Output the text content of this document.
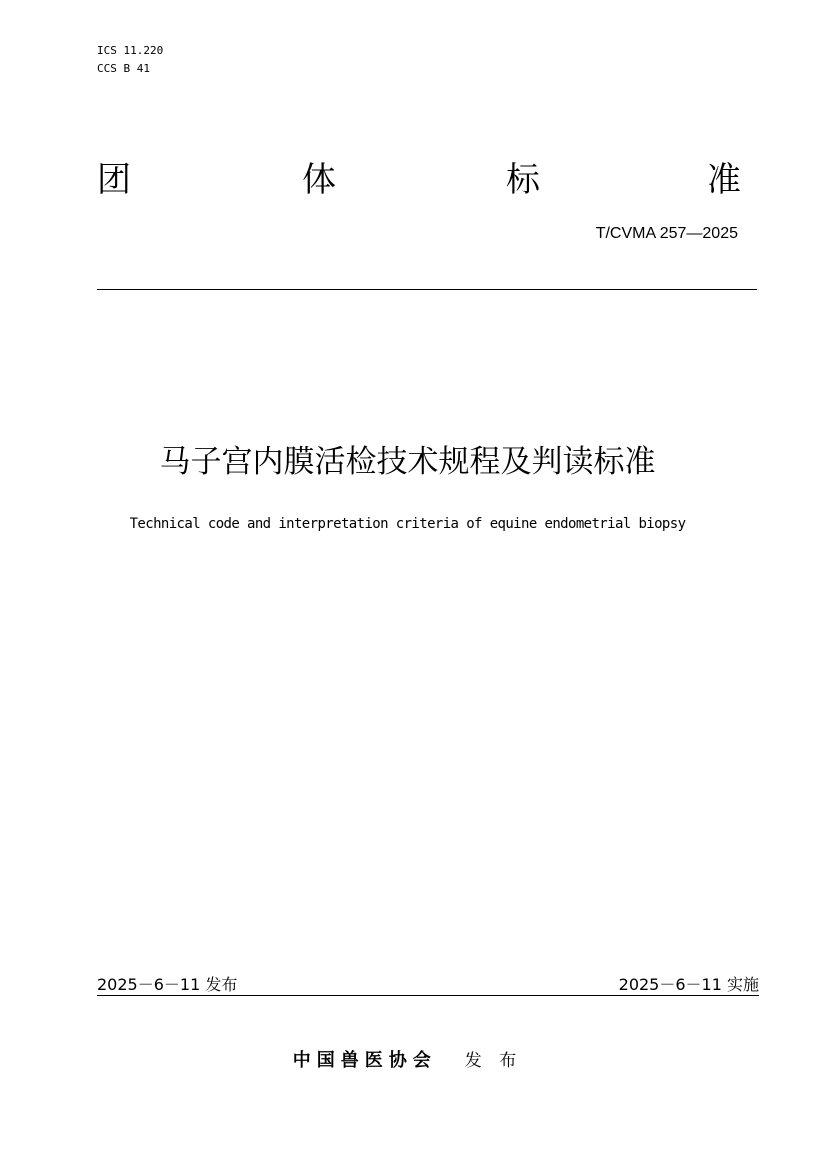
ICS 11.220
CCS B 41
团	体	标	准
T/CVMA 257—2025
马子宫内膜活检技术规程及判读标准
Technical code and interpretation criteria of equine endometrial biopsy
2025－6－11 发布	2025－6－11 实施
中国兽医协会 发 布
